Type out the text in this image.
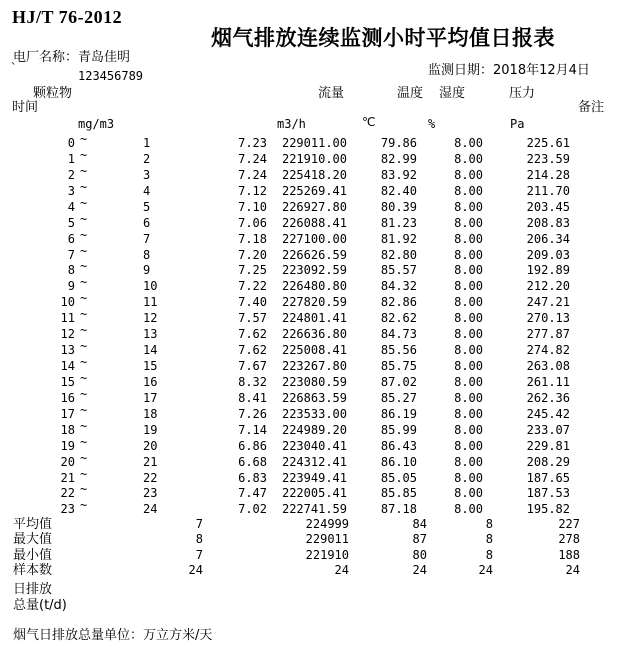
HJ/T 76-2012
烟气排放连续监测小时平均值日报表
电厂名称：青岛佳明
`
123456789	监测日期：2018年12月4日
颗粒物
时间
流量	温度 湿度	压力
备注
mg/m3	m3/h	℃	%	Pa
0 ~	1	7.23	229011.00	79.86	8.00	225.61
1 ~	2	7.24	221910.00	82.99	8.00	223.59
2 ~	3	7.24	225418.20	83.92	8.00	214.28
3 ~	4	7.12	225269.41	82.40	8.00	211.70
4 ~	5	7.10	226927.80	80.39	8.00	203.45
5 ~	6	7.06	226088.41	81.23	8.00	208.83
6 ~	7	7.18	227100.00	81.92	8.00	206.34
7 ~	8	7.20	226626.59	82.80	8.00	209.03
8 ~	9	7.25	223092.59	85.57	8.00	192.89
9 ~	10	7.22	226480.80	84.32	8.00	212.20
10 ~	11	7.40	227820.59	82.86	8.00	247.21
11 ~	12	7.57	224801.41	82.62	8.00	270.13
12 ~	13	7.62	226636.80	84.73	8.00	277.87
13 ~	14	7.62	225008.41	85.56	8.00	274.82
14 ~	15	7.67	223267.80	85.75	8.00	263.08
15 ~	16	8.32	223080.59	87.02	8.00	261.11
16 ~	17	8.41	226863.59	85.27	8.00	262.36
17 ~	18	7.26	223533.00	86.19	8.00	245.42
18 ~	19	7.14	224989.20	85.99	8.00	233.07
19 ~	20	6.86	223040.41	86.43	8.00	229.81
20 ~	21	6.68	224312.41	86.10	8.00	208.29
21 ~	22	6.83	223949.41	85.05	8.00	187.65
22 ~	23	7.47	222005.41	85.85	8.00	187.53
23 ~	24	7.02	222741.59	87.18	8.00	195.82
平均值	7	224999	84	8	227
最大值	8	229011	87	8	278
最小值	7	221910	80	8	188
样本数	24	24	24	24	24
日排放
总量(t/d)
烟气日排放总量单位：万立方米/天
